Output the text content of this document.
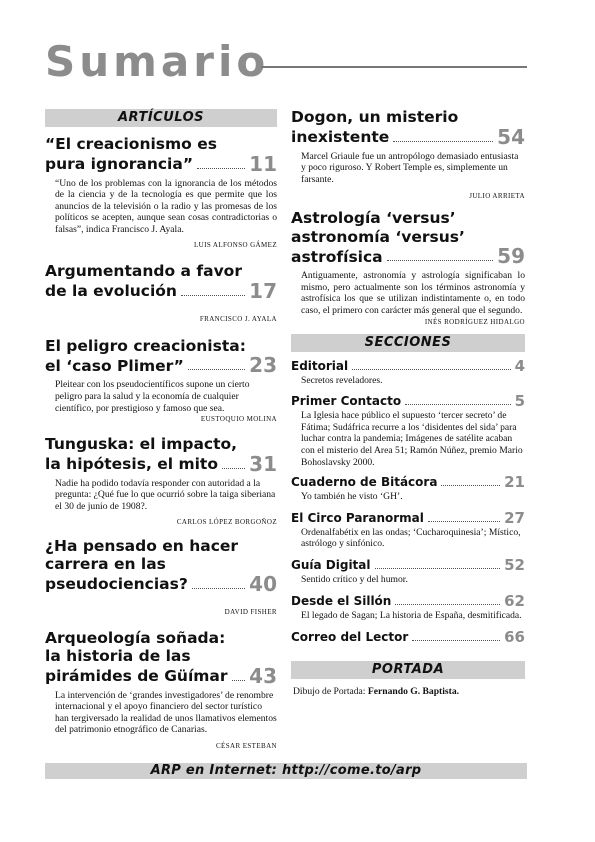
Sumario
ARTÍCULOS
“El creacionismo es
pura ignorancia”	11
“Uno de los problemas con la ignorancia de los métodos de la ciencia y de la tecnología es que permite que los anuncios de la televisión o la radio y las promesas de los políticos se acepten, aunque sean cosas contradictorias o falsas”, indica Francisco J. Ayala.
LUIS ALFONSO GÁMEZ
Argumentando a favor
de la evolución	17
FRANCISCO J. AYALA
El peligro creacionista:
el ‘caso Plimer”	23
Pleitear con los pseudocientíficos supone un cierto peligro para la salud y la economía de cualquier científico, por prestigioso y famoso que sea.
EUSTOQUIO MOLINA
Tunguska: el impacto,
la hipótesis, el mito 31
Nadie ha podido todavía responder con autoridad a la pregunta: ¿Qué fue lo que ocurrió sobre la taiga siberiana el 30 de junio de 1908?.
CARLOS LÓPEZ BORGOÑOZ
¿Ha pensado en hacer
carrera en las
pseudociencias?	40
DAVID FISHER
Arqueología soñada:
la historia de las
pirámides de Güímar 43
La intervención de ‘grandes investigadores’ de renombre internacional y el apoyo financiero del sector turístico han tergiversado la realidad de unos llamativos elementos del patrimonio etnográfico de Canarias.
CÉSAR ESTEBAN
Dogon, un misterio
inexistente	54
Marcel Griaule fue un antropólogo demasiado entusiasta y poco riguroso. Y Robert Temple es, simplemente un farsante.
JULIO ARRIETA
Astrología ‘versus’
astronomía ‘versus’
astrofísica	59
Antiguamente, astronomía y astrología significaban lo mismo, pero actualmente son los términos astronomía y astrofísica los que se utilizan indistintamente o, en todo caso, el primero con carácter más general que el segundo.
INÉS RODRÍGUEZ HIDALGO
SECCIONES
Editorial	4
Secretos reveladores.
Primer Contacto	5
La Iglesia hace público el supuesto ‘tercer secreto’ de Fátima; Sudáfrica recurre a los ‘disidentes del sida’ para luchar contra la pandemia; Imágenes de satélite acaban con el misterio del Area 51; Ramón Núñez, premio Mario Bohoslavsky 2000.
Cuaderno de Bitácora	21
Yo también he visto ‘GH’.
El Circo Paranormal	27
Ordenalfabétix en las ondas; ‘Cucharoquinesia’; Místico, astrólogo y sinfónico.
Guía Digital	52
Sentido crítico y del humor.
Desde el Sillón	62
El legado de Sagan; La historia de España, desmitificada.
Correo del Lector	66
PORTADA
Dibujo de Portada: Fernando G. Baptista.
ARP en Internet: http://come.to/arp
